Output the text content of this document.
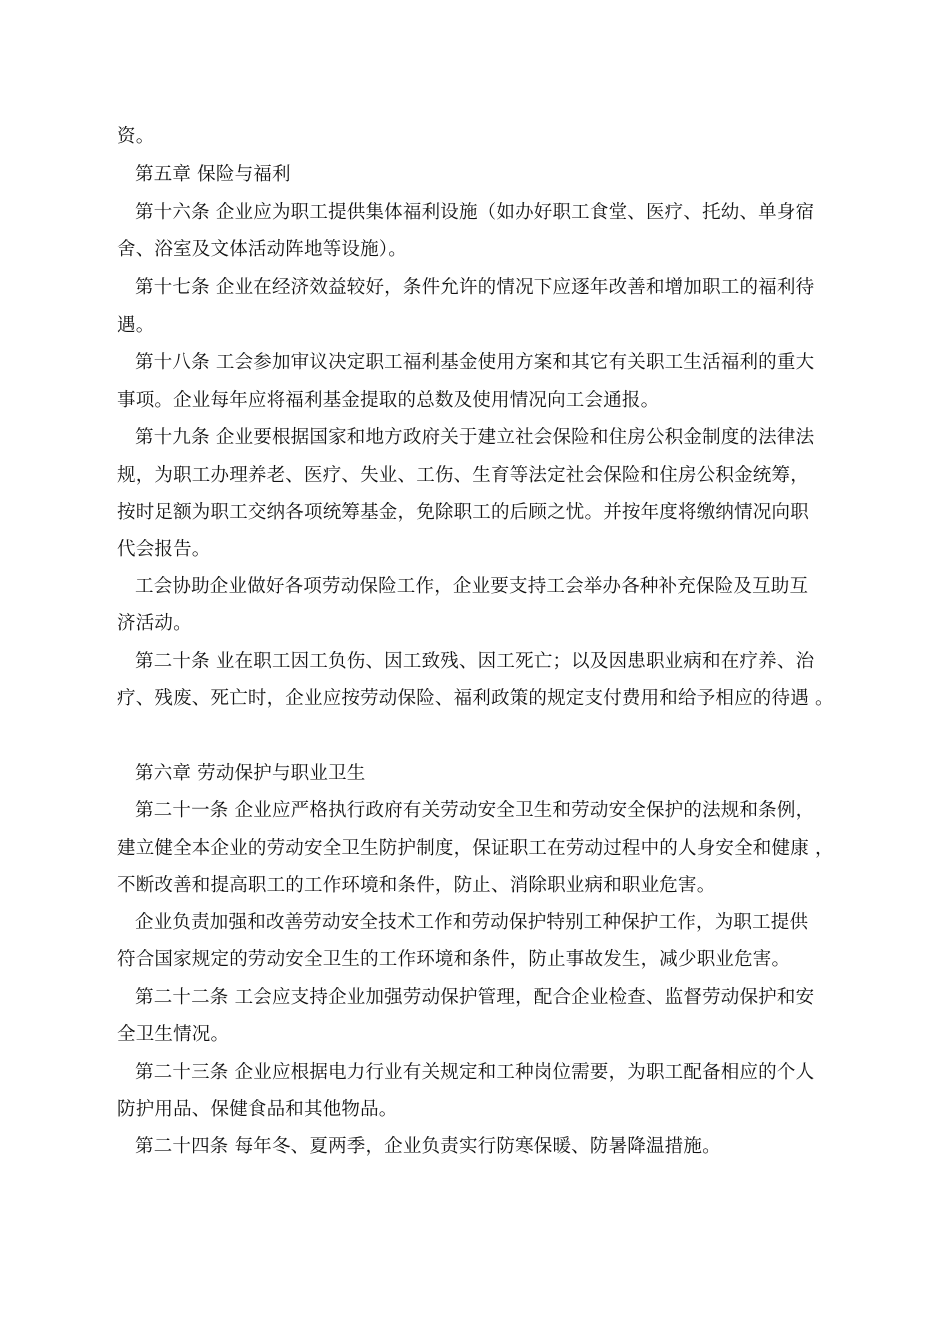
资。
第五章 保险与福利
第十六条 企业应为职工提供集体福利设施（如办好职工食堂、医疗、托幼、单身宿
舍、浴室及文体活动阵地等设施）。
第十七条 企业在经济效益较好，条件允许的情况下应逐年改善和增加职工的福利待
遇。
第十八条 工会参加审议决定职工福利基金使用方案和其它有关职工生活福利的重大
事项。企业每年应将福利基金提取的总数及使用情况向工会通报。
第十九条 企业要根据国家和地方政府关于建立社会保险和住房公积金制度的法律法
规，为职工办理养老、医疗、失业、工伤、生育等法定社会保险和住房公积金统筹，
按时足额为职工交纳各项统筹基金，免除职工的后顾之忧。并按年度将缴纳情况向职
代会报告。
工会协助企业做好各项劳动保险工作，企业要支持工会举办各种补充保险及互助互
济活动。
第二十条 业在职工因工负伤、因工致残、因工死亡；以及因患职业病和在疗养、治
疗、残废、死亡时，企业应按劳动保险、福利政策的规定支付费用和给予相应的待遇 。
第六章 劳动保护与职业卫生
第二十一条 企业应严格执行政府有关劳动安全卫生和劳动安全保护的法规和条例，
建立健全本企业的劳动安全卫生防护制度，保证职工在劳动过程中的人身安全和健康 ，
不断改善和提高职工的工作环境和条件，防止、消除职业病和职业危害。
企业负责加强和改善劳动安全技术工作和劳动保护特别工种保护工作，为职工提供
符合国家规定的劳动安全卫生的工作环境和条件，防止事故发生，减少职业危害。
第二十二条 工会应支持企业加强劳动保护管理，配合企业检查、监督劳动保护和安
全卫生情况。
第二十三条 企业应根据电力行业有关规定和工种岗位需要，为职工配备相应的个人
防护用品、保健食品和其他物品。
第二十四条 每年冬、夏两季，企业负责实行防寒保暖、防暑降温措施。
